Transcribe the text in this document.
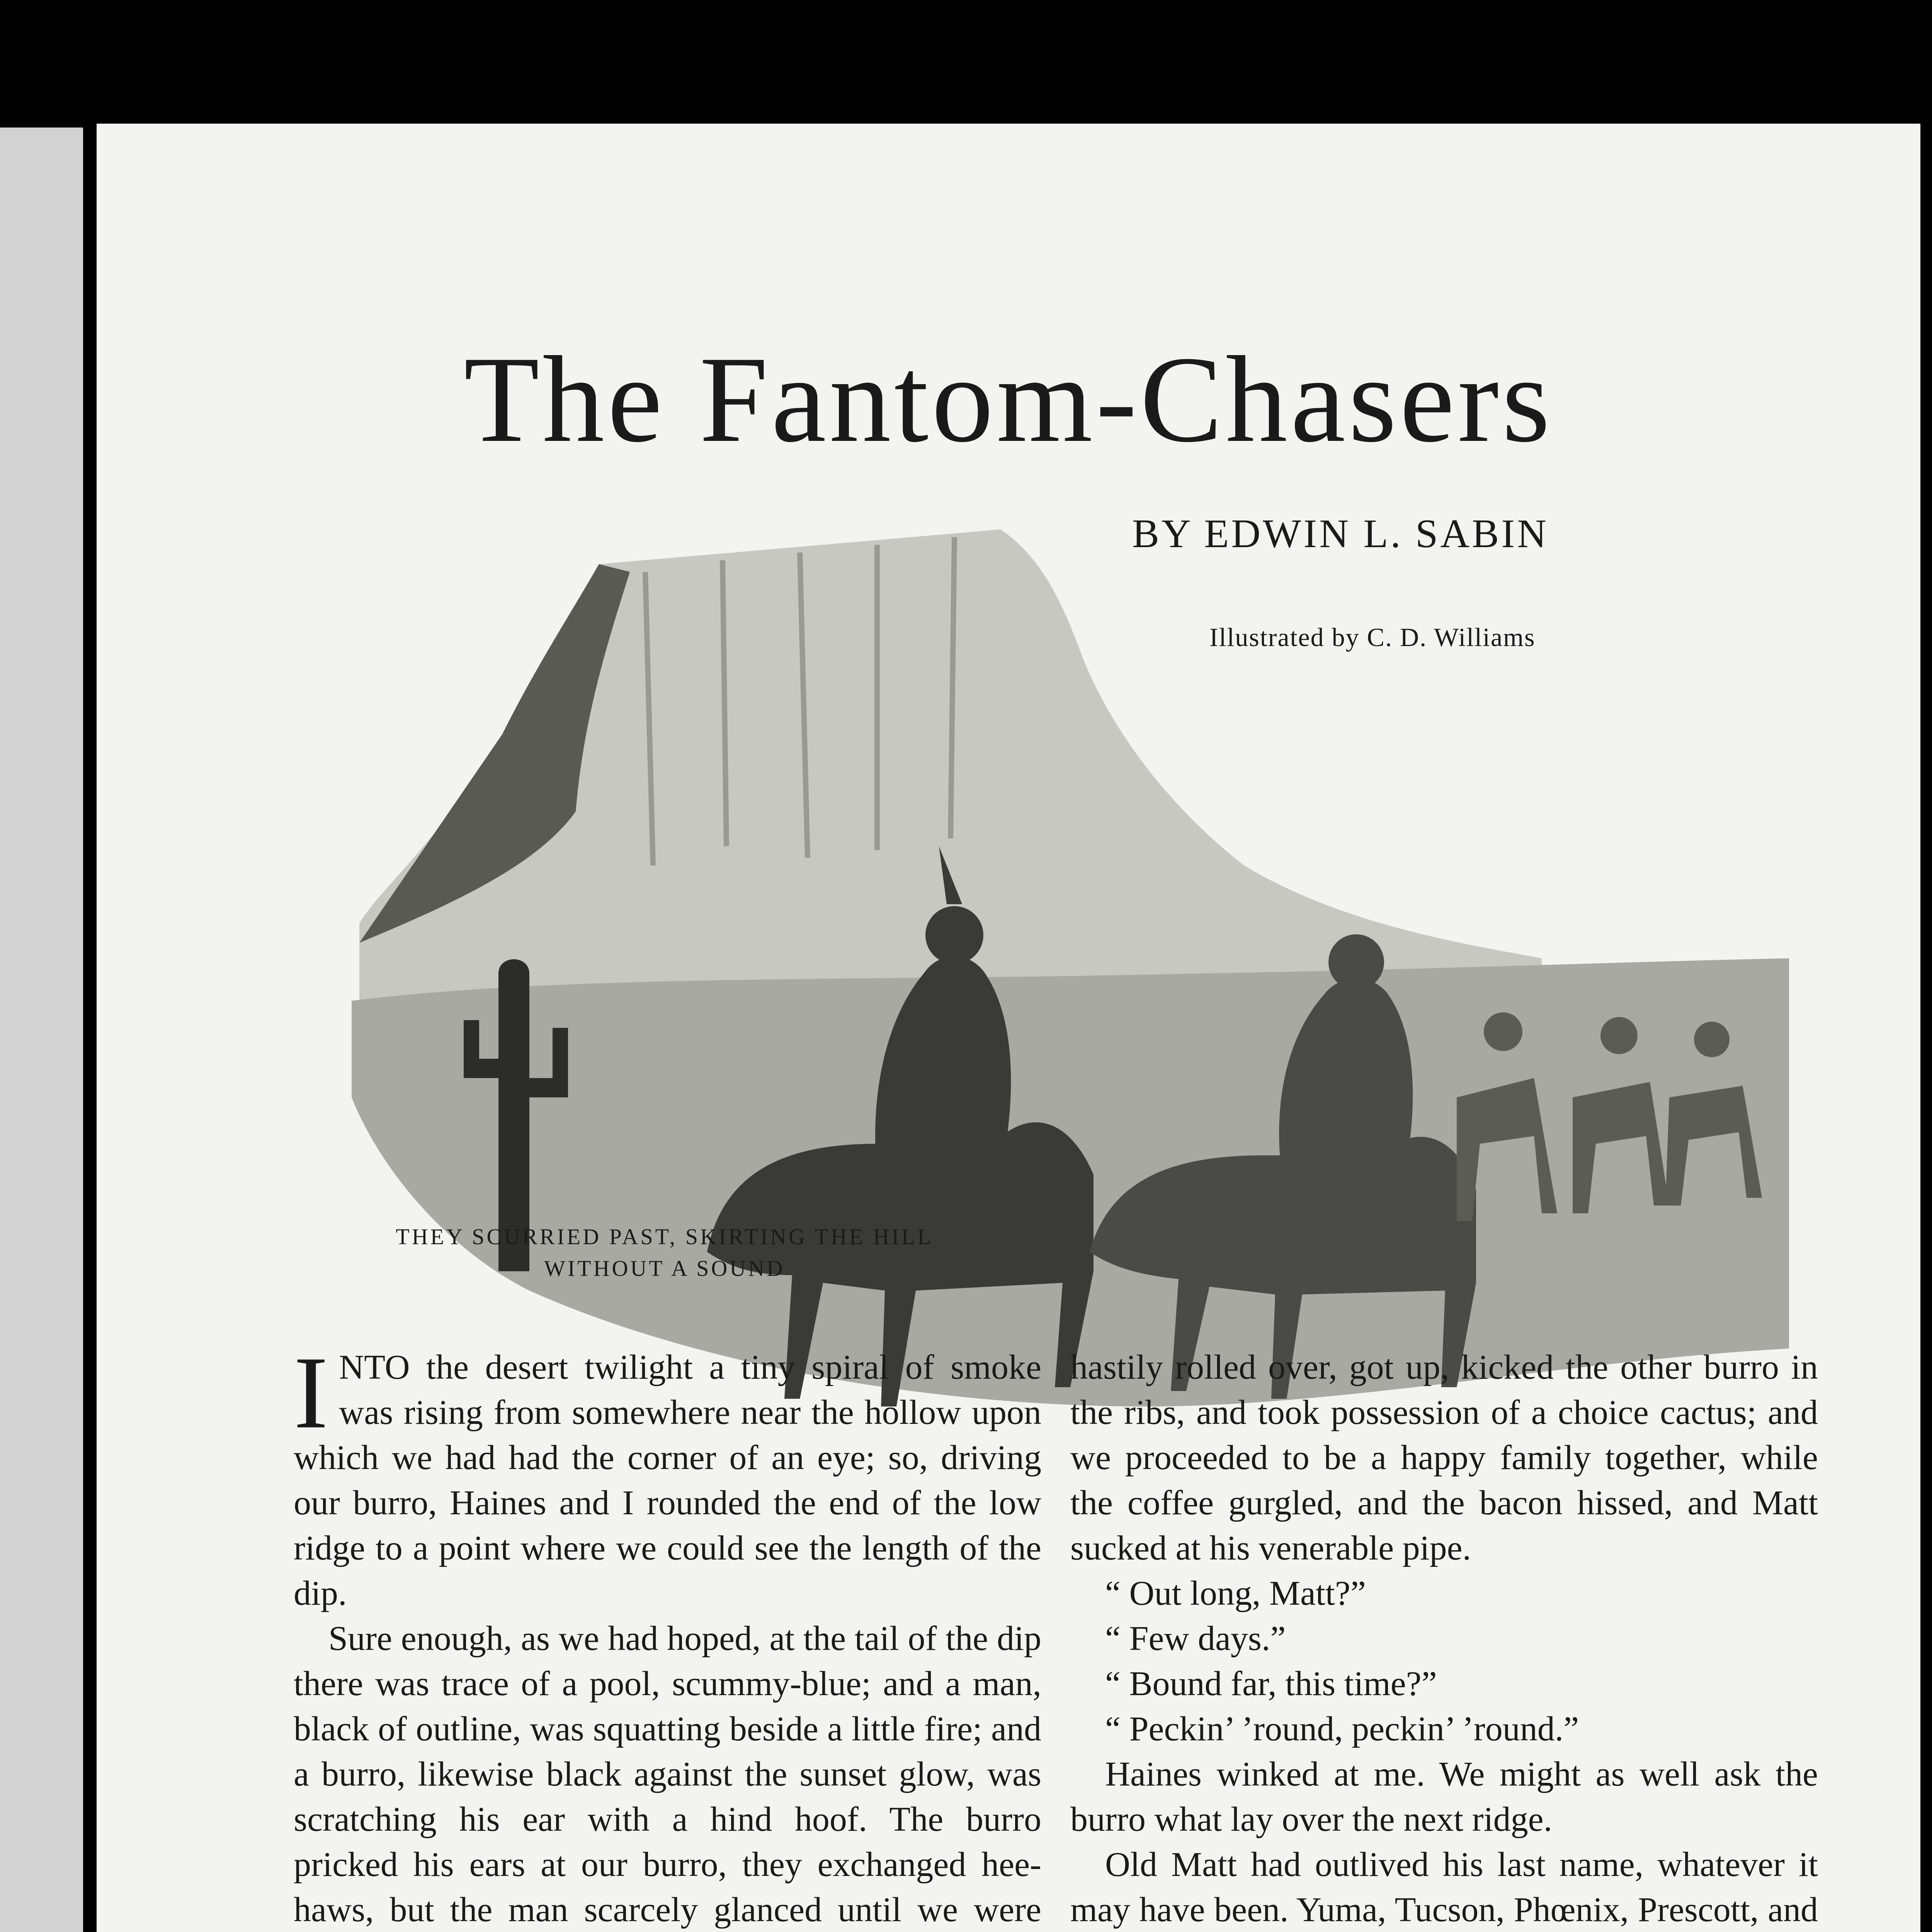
The Fantom-Chasers
BY EDWIN L. SABIN
Illustrated by C. D. Williams
THEY SCURRIED PAST, SKIRTING THE HILL WITHOUT A SOUND

INTO the desert twilight a tiny spiral of smoke was rising from somewhere near the hollow upon which we had had the corner of an eye; so, driving our burro, Haines and I rounded the end of the low ridge to a point where we could see the length of the dip.

Sure enough, as we had hoped, at the tail of the dip there was trace of a pool, scummy-blue; and a man, black of outline, was squatting beside a little fire; and a burro, likewise black against the sunset glow, was scratching his ear with a hind hoof. The burro pricked his ears at our burro, they exchanged hee-haws, but the man scarcely glanced until we were

hastily rolled over, got up, kicked the other burro in the ribs, and took possession of a choice cactus; and we proceeded to be a happy family together, while the coffee gurgled, and the bacon hissed, and Matt sucked at his venerable pipe.

“ Out long, Matt?”

“ Few days.”

“ Bound far, this time?”

“ Peckin’ ’round, peckin’ ’round.”

Haines winked at me. We might as well ask the burro what lay over the next ridge.

Old Matt had outlived his last name, whatever it may have been. Yuma, Tucson, Phœnix, Prescott, and
